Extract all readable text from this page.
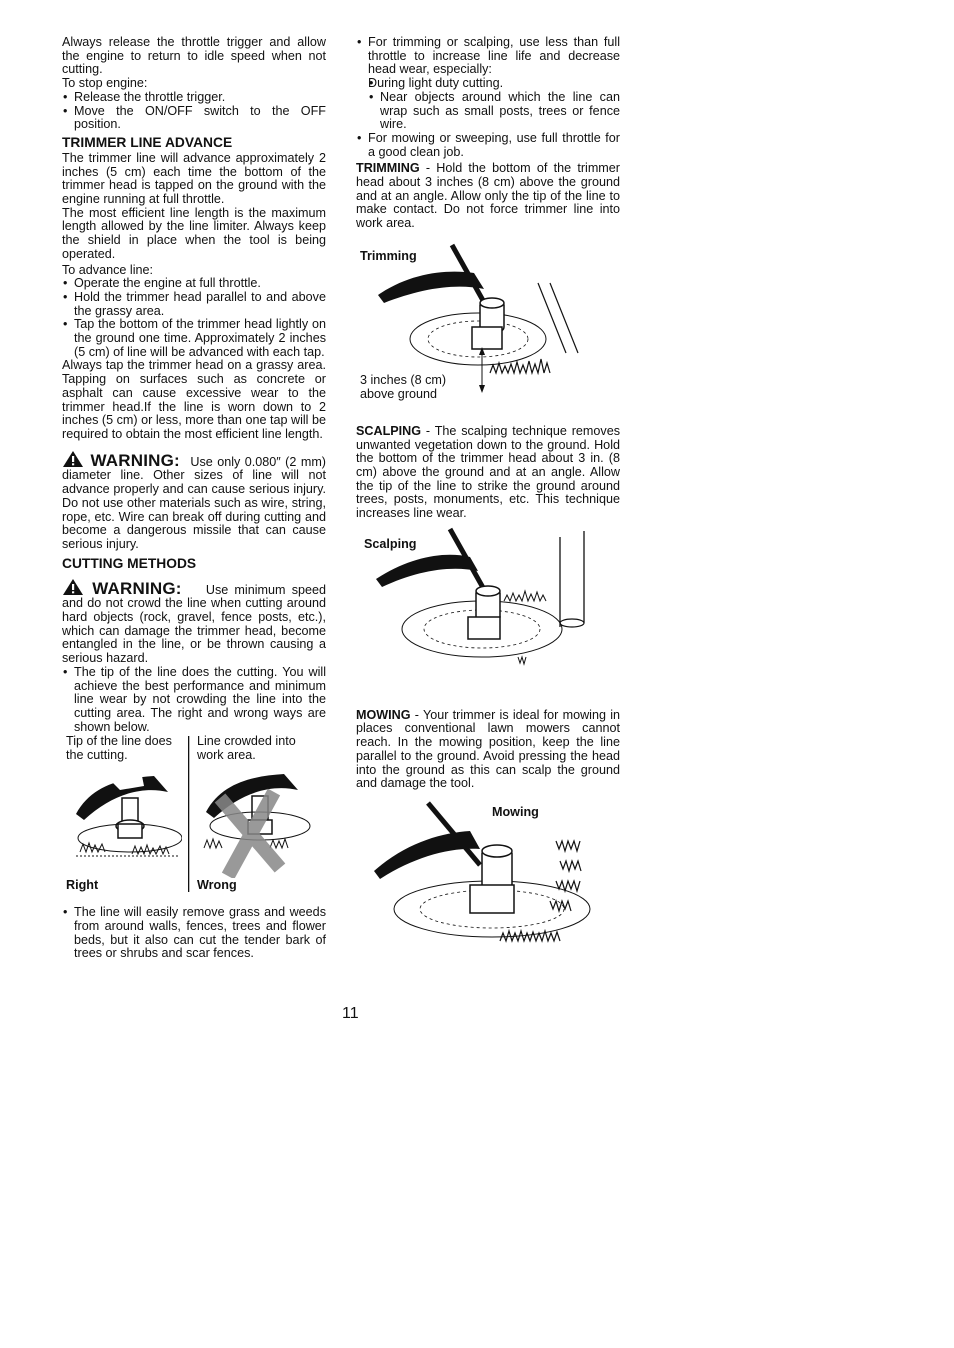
Always release the throttle trigger and allow the engine to return to idle speed when not cutting.

To stop engine:

• Release the throttle trigger.
• Move the ON/OFF switch to the OFF position.
TRIMMER LINE ADVANCE

The trimmer line will advance approximately 2 inches (5 cm) each time the bottom of the trimmer head is tapped on the ground with the engine running at full throttle.

The most efficient line length is the maximum length allowed by the line limiter. Always keep the shield in place when the tool is being operated.

To advance line:

• Operate the engine at full throttle.
• Hold the trimmer head parallel to and above the grassy area.
• Tap the bottom of the trimmer head lightly on the ground one time. Approximately 2 inches (5 cm) of line will be advanced with each tap.

Always tap the trimmer head on a grassy area. Tapping on surfaces such as concrete or asphalt can cause excessive wear to the trimmer head.If the line is worn down to 2 inches (5 cm) or less, more than one tap will be required to obtain the most efficient line length.

WARNING: Use only 0.080″ (2 mm) diameter line. Other sizes of line will not advance properly and can cause serious injury. Do not use other materials such as wire, string, rope, etc. Wire can break off during cutting and become a dangerous missile that can cause serious injury.
CUTTING METHODS
WARNING: Use minimum speed and do not crowd the line when cutting around hard objects (rock, gravel, fence posts, etc.), which can damage the trimmer head, become entangled in the line, or be thrown causing a serious hazard.
• The tip of the line does the cutting. You will achieve the best performance and minimum line wear by not crowding the line into the cutting area. The right and wrong ways are shown below.
Tip of the line does the cutting.
Line crowded into work area.
Right	Wrong
• The line will easily remove grass and weeds from around walls, fences, trees and flower beds, but it also can cut the tender bark of trees or shrubs and scar fences.
• For trimming or scalping, use less than full throttle to increase line life and decrease head wear, especially:
• During light duty cutting.
• Near objects around which the line can wrap such as small posts, trees or fence wire.
• For mowing or sweeping, use full throttle for a good clean job.

TRIMMING - Hold the bottom of the trimmer head about 3 inches (8 cm) above the ground and at an angle. Allow only the tip of the line to make contact. Do not force trimmer line into work area.

Trimming
3 inches (8 cm) above ground

SCALPING - The scalping technique removes unwanted vegetation down to the ground. Hold the bottom of the trimmer head about 3 in. (8 cm) above the ground and at an angle. Allow the tip of the line to strike the ground around trees, posts, monuments, etc. This technique increases line wear.

Scalping

MOWING - Your trimmer is ideal for mowing in places conventional lawn mowers cannot reach. In the mowing position, keep the line parallel to the ground. Avoid pressing the head into the ground as this can scalp the ground and damage the tool.

Mowing
11
